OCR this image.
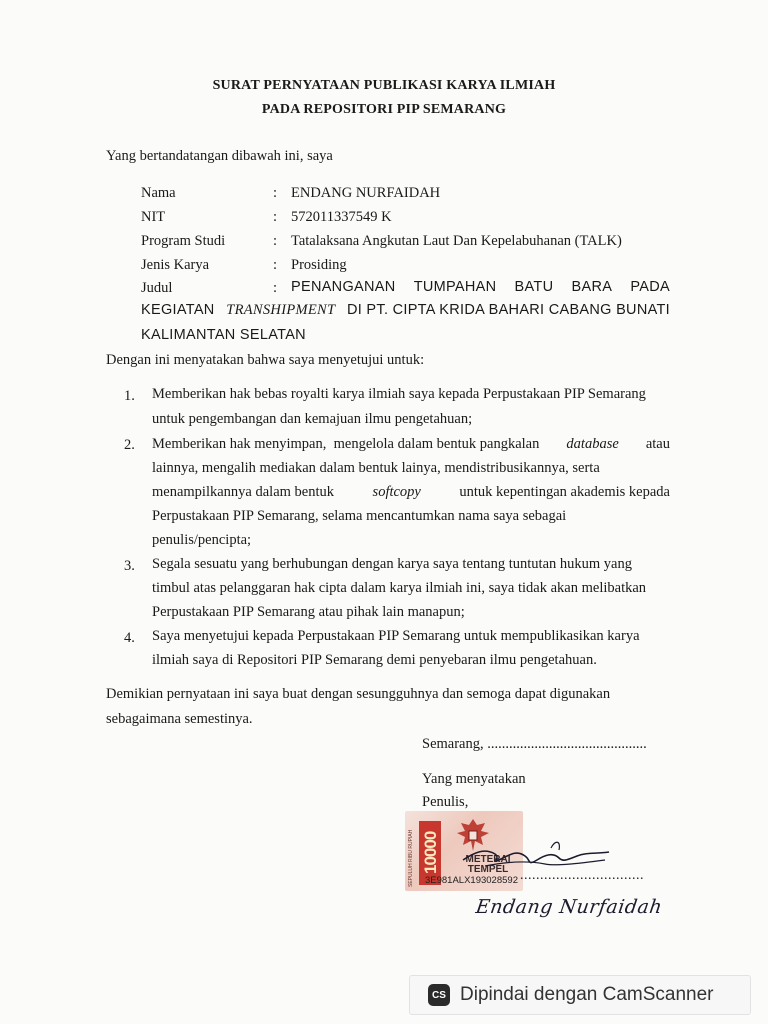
SURAT PERNYATAAN PUBLIKASI KARYA ILMIAH
PADA REPOSITORI PIP SEMARANG
Yang bertandatangan dibawah ini, saya
Nama	: ENDANG NURFAIDAH
NIT	: 572011337549 K
Program Studi	: Tatalaksana Angkutan Laut Dan Kepelabuhanan (TALK)
Jenis Karya	: Prosiding
Judul	: PENANGANAN TUMPAHAN BATU BARA PADA
KEGIATAN TRANSHIPMENT DI PT. CIPTA KRIDA BAHARI CABANG BUNATI
KALIMANTAN SELATAN
Dengan ini menyatakan bahwa saya menyetujui untuk:
1. Memberikan hak bebas royalti karya ilmiah saya kepada Perpustakaan PIP Semarang
untuk pengembangan dan kemajuan ilmu pengetahuan;
2. Memberikan hak menyimpan,  mengelola dalam bentuk pangkalan database atau
lainnya, mengalih mediakan dalam bentuk lainya, mendistribusikannya, serta
menampilkannya dalam bentuk softcopy untuk kepentingan akademis kepada
Perpustakaan PIP Semarang, selama mencantumkan nama saya sebagai
penulis/pencipta;
3. Segala sesuatu yang berhubungan dengan karya saya tentang tuntutan hukum yang
timbul atas pelanggaran hak cipta dalam karya ilmiah ini, saya tidak akan melibatkan
Perpustakaan PIP Semarang atau pihak lain manapun;
4. Saya menyetujui kepada Perpustakaan PIP Semarang untuk mempublikasikan karya
ilmiah saya di Repositori PIP Semarang demi penyebaran ilmu pengetahuan.
Demikian pernyataan ini saya buat dengan sesungguhnya dan semoga dapat digunakan
sebagaimana semestinya.
Semarang, ............................................
Yang menyatakan
Penulis,
SEPULUH RIBU RUPIAH 10000	METERAI
TEMPEL
3E981ALX193028592 ...............................
Endang Nurfaidah
CS Dipindai dengan CamScanner
